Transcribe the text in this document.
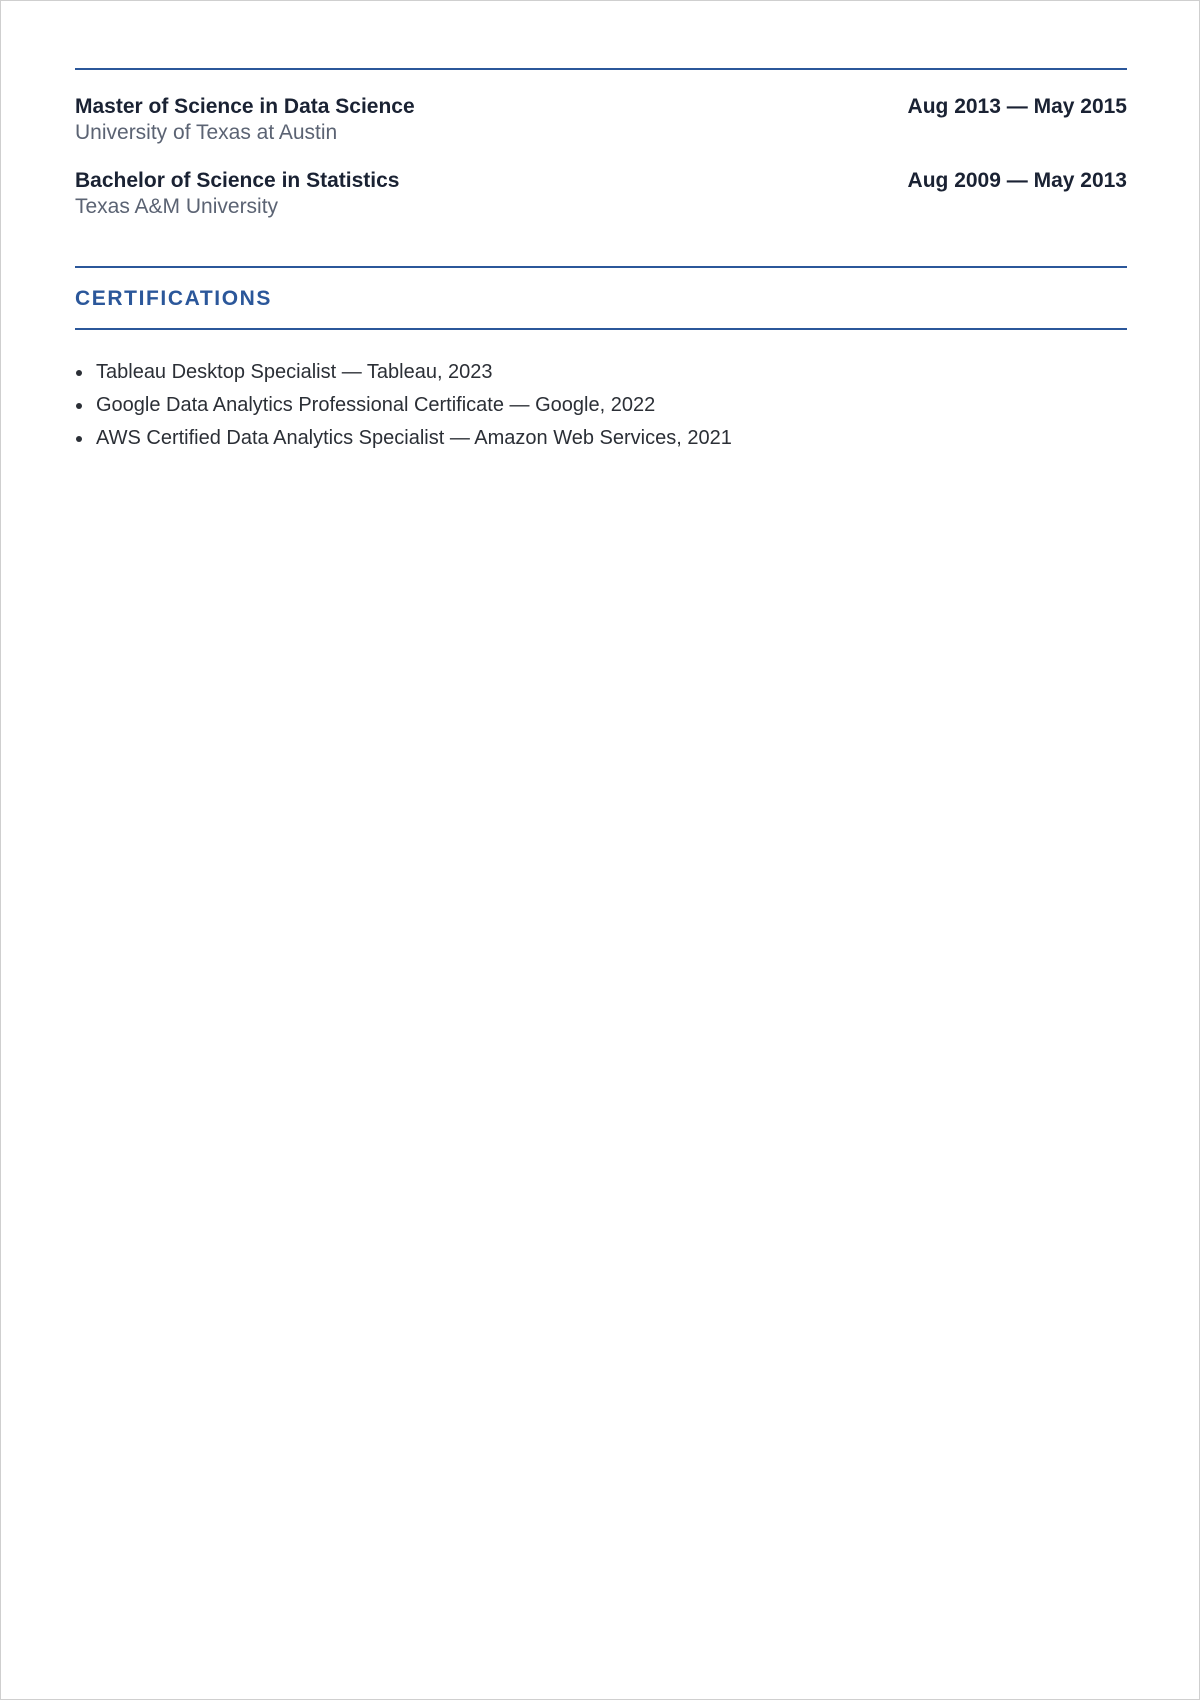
Master of Science in Data Science	Aug 2013 — May 2015
University of Texas at Austin
Bachelor of Science in Statistics	Aug 2009 — May 2013
Texas A&M University
CERTIFICATIONS
Tableau Desktop Specialist — Tableau, 2023
Google Data Analytics Professional Certificate — Google, 2022
AWS Certified Data Analytics Specialist — Amazon Web Services, 2021
